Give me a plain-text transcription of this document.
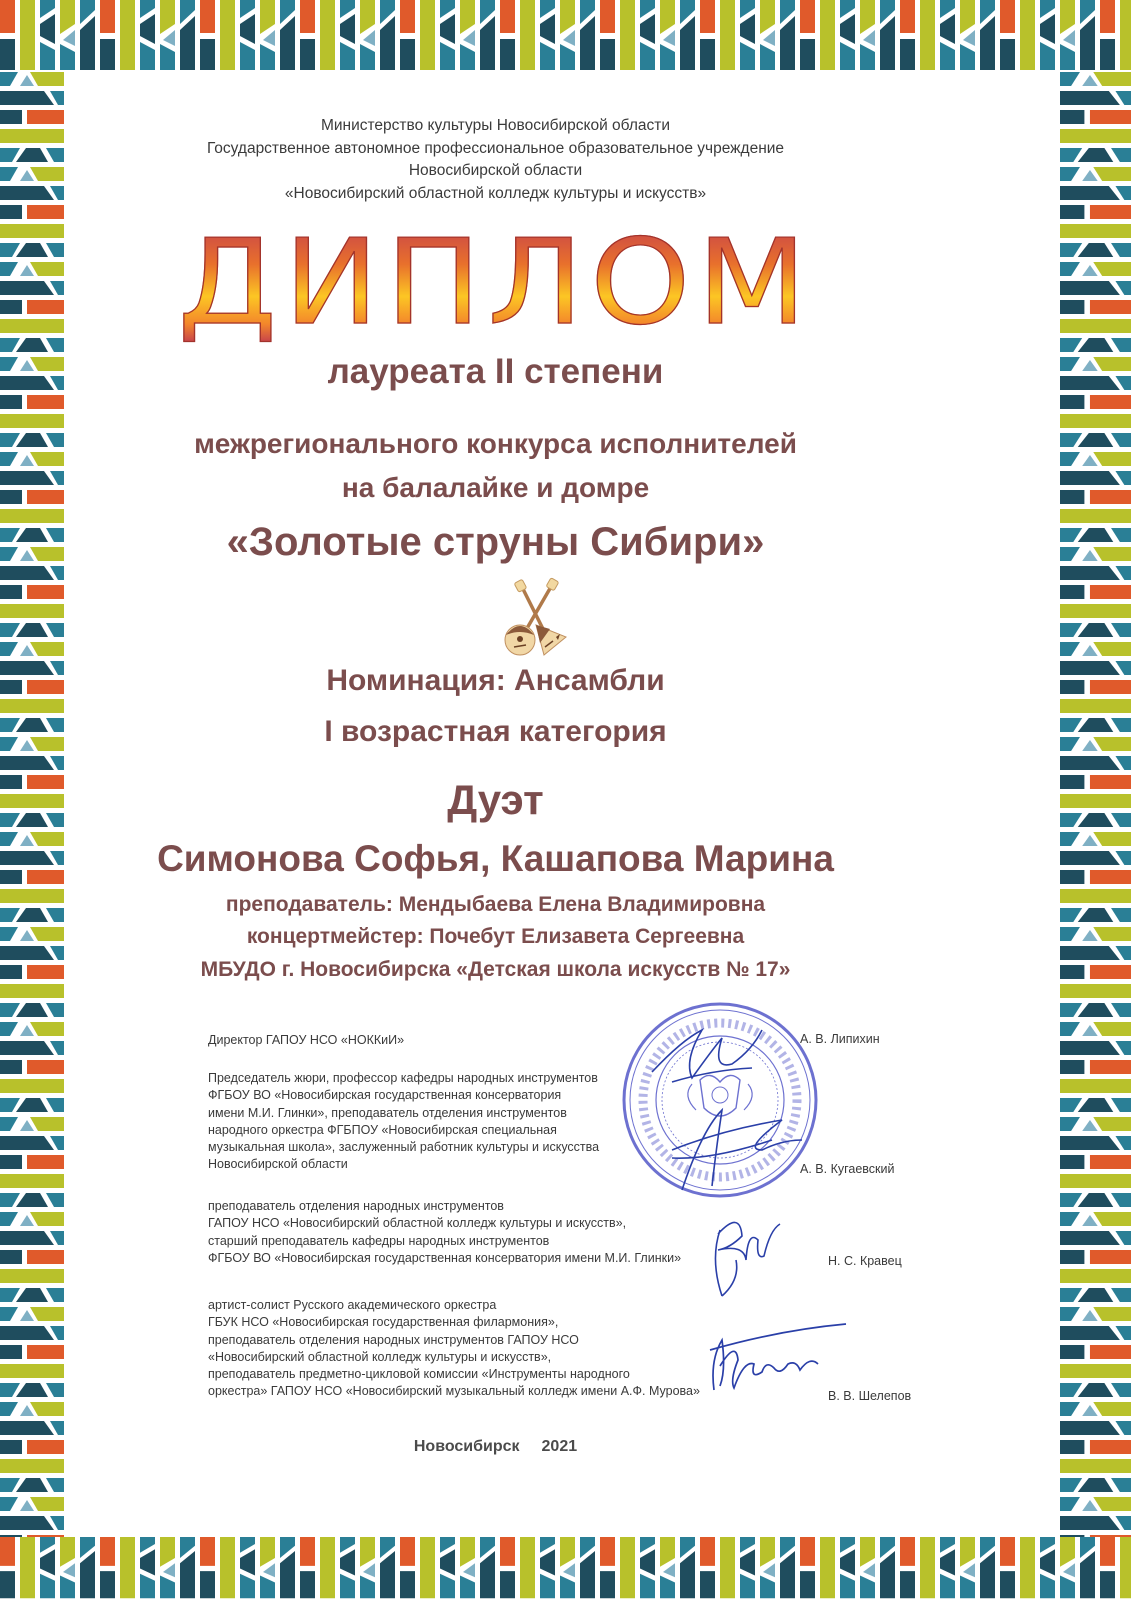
Министерство культуры Новосибирской области
Государственное автономное профессиональное образовательное учреждение
Новосибирской области
«Новосибирский областной колледж культуры и искусств»
ДИПЛОМ
лауреата II степени
межрегионального конкурса исполнителей
на балалайке и домре
«Золотые струны Сибири»
Номинация: Ансамбли
I возрастная категория
Дуэт
Симонова Софья, Кашапова Марина
преподаватель: Мендыбаева Елена Владимировна
концертмейстер: Почебут Елизавета Сергеевна
МБУДО г. Новосибирска «Детская школа искусств № 17»
Директор ГАПОУ НСО «НОККиИ»	А. В. Липихин
Председатель жюри, профессор кафедры народных инструментов
ФГБОУ ВО «Новосибирская государственная консерватория
имени М.И. Глинки», преподаватель отделения инструментов
народного оркестра ФГБПОУ «Новосибирская специальная
музыкальная школа», заслуженный работник культуры и искусства
Новосибирской области	А. В. Кугаевский
преподаватель отделения народных инструментов
ГАПОУ НСО «Новосибирский областной колледж культуры и искусств»,
старший преподаватель кафедры народных инструментов
ФГБОУ ВО «Новосибирская государственная консерватория имени М.И. Глинки»	Н. С. Кравец
артист-солист Русского академического оркестра
ГБУК НСО «Новосибирская государственная филармония»,
преподаватель отделения народных инструментов ГАПОУ НСО
«Новосибирский областной колледж культуры и искусств»,
преподаватель предметно-цикловой комиссии «Инструменты народного
оркестра» ГАПОУ НСО «Новосибирский музыкальный колледж имени А.Ф. Мурова»	В. В. Шелепов
Новосибирск 2021
